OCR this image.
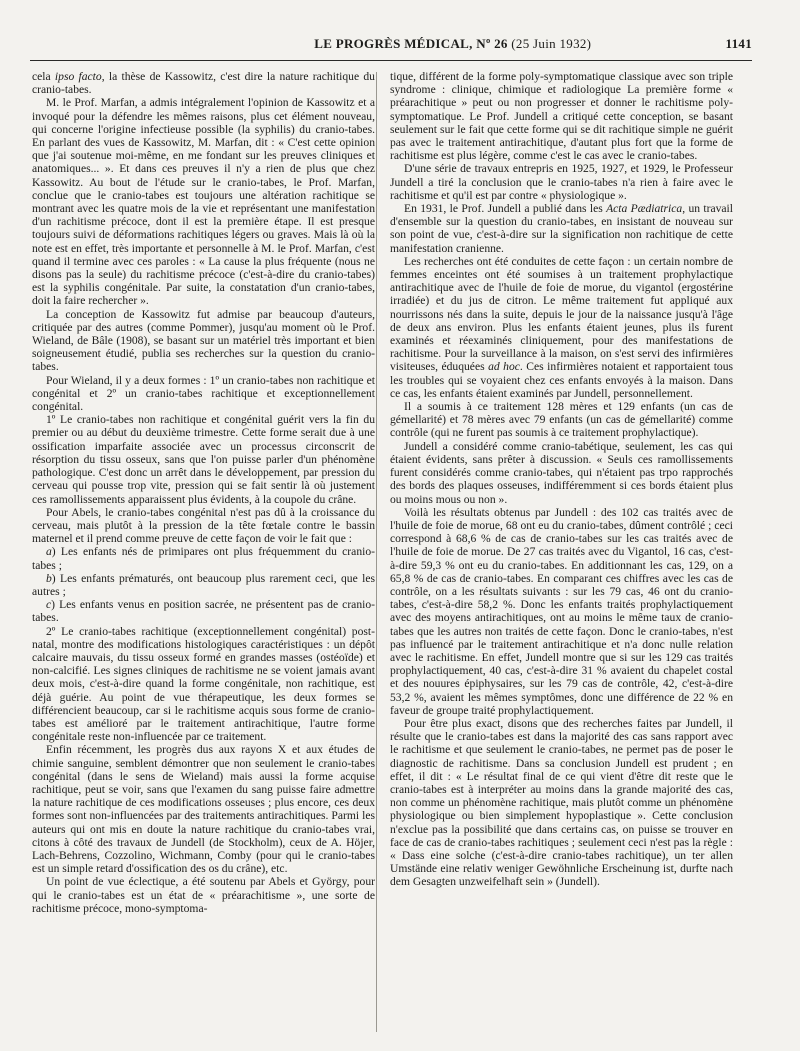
LE PROGRÈS MÉDICAL, Nº 26 (25 Juin 1932)	1141

cela ipso facto, la thèse de Kassowitz, c'est dire la nature rachitique du cranio-tabes.

M. le Prof. Marfan, a admis intégralement l'opinion de Kassowitz et a invoqué pour la défendre les mêmes raisons, plus cet élément nouveau, qui concerne l'origine infectieuse possible (la syphilis) du cranio-tabes. En parlant des vues de Kassowitz, M. Marfan, dit : « C'est cette opinion que j'ai soutenue moi-même, en me fondant sur les preuves cliniques et anatomiques... ». Et dans ces preuves il n'y a rien de plus que chez Kassowitz. Au bout de l'étude sur le cranio-tabes, le Prof. Marfan, conclue que le cranio-tabes est toujours une altération rachitique se montrant avec les quatre mois de la vie et représentant une manifestation d'un rachitisme précoce, dont il est la première étape. Il est presque toujours suivi de déformations rachitiques légers ou graves. Mais là où la note est en effet, très importante et personnelle à M. le Prof. Marfan, c'est quand il termine avec ces paroles : « La cause la plus fréquente (nous ne disons pas la seule) du rachitisme précoce (c'est-à-dire du cranio-tabes) est la syphilis congénitale. Par suite, la constatation d'un cranio-tabes, doit la faire rechercher ».

La conception de Kassowitz fut admise par beaucoup d'auteurs, critiquée par des autres (comme Pommer), jusqu'au moment où le Prof. Wieland, de Bâle (1908), se basant sur un matériel très important et bien soigneusement étudié, publia ses recherches sur la question du cranio-tabes.

Pour Wieland, il y a deux formes : 1º un cranio-tabes non rachitique et congénital et 2º un cranio-tabes rachitique et exceptionnellement congénital.

1º Le cranio-tabes non rachitique et congénital guérit vers la fin du premier ou au début du deuxième trimestre. Cette forme serait due à une ossification imparfaite associée avec un processus circonscrit de résorption du tissu osseux, sans que l'on puisse parler d'un phénomène pathologique. C'est donc un arrêt dans le développement, par pression du cerveau qui pousse trop vite, pression qui se fait sentir là où justement ces ramollissements apparaissent plus évidents, à la coupole du crâne.

Pour Abels, le cranio-tabes congénital n'est pas dû à la croissance du cerveau, mais plutôt à la pression de la tête fœtale contre le bassin maternel et il prend comme preuve de cette façon de voir le fait que :

a) Les enfants nés de primipares ont plus fréquemment du cranio-tabes ;

b) Les enfants prématurés, ont beaucoup plus rarement ceci, que les autres ;

c) Les enfants venus en position sacrée, ne présentent pas de cranio-tabes.

2º Le cranio-tabes rachitique (exceptionnellement congénital) post-natal, montre des modifications histologiques caractéristiques : un dépôt calcaire mauvais, du tissu osseux formé en grandes masses (ostéoïde) et non-calcifié. Les signes cliniques de rachitisme ne se voient jamais avant deux mois, c'est-à-dire quand la forme congénitale, non rachitique, est déjà guérie. Au point de vue thérapeutique, les deux formes se différencient beaucoup, car si le rachitisme acquis sous forme de cranio-tabes est amélioré par le traitement antirachitique, l'autre forme congénitale reste non-influencée par ce traitement.

Enfin récemment, les progrès dus aux rayons X et aux études de chimie sanguine, semblent démontrer que non seulement le cranio-tabes congénital (dans le sens de Wieland) mais aussi la forme acquise rachitique, peut se voir, sans que l'examen du sang puisse faire admettre la nature rachitique de ces modifications osseuses ; plus encore, ces deux formes sont non-influencées par des traitements antirachitiques. Parmi les auteurs qui ont mis en doute la nature rachitique du cranio-tabes vrai, citons à côté des travaux de Jundell (de Stockholm), ceux de A. Höjer, Lach-Behrens, Cozzolino, Wichmann, Comby (pour qui le cranio-tabes est un simple retard d'ossification des os du crâne), etc.

Un point de vue éclectique, a été soutenu par Abels et György, pour qui le cranio-tabes est un état de « préarachitisme », une sorte de rachitisme précoce, mono-symptoma-

tique, différent de la forme poly-symptomatique classique avec son triple syndrome : clinique, chimique et radiologique La première forme « préarachitique » peut ou non progresser et donner le rachitisme poly-symptomatique. Le Prof. Jundell a critiqué cette conception, se basant seulement sur le fait que cette forme qui se dit rachitique simple ne guérit pas avec le traitement antirachitique, d'autant plus fort que la forme de rachitisme est plus légère, comme c'est le cas avec le cranio-tabes.

D'une série de travaux entrepris en 1925, 1927, et 1929, le Professeur Jundell a tiré la conclusion que le cranio-tabes n'a rien à faire avec le rachitisme et qu'il est par contre « physiologique ».

En 1931, le Prof. Jundell a publié dans les Acta Pædiatrica, un travail d'ensemble sur la question du cranio-tabes, en insistant de nouveau sur son point de vue, c'est-à-dire sur la signification non rachitique de cette manifestation cranienne.

Les recherches ont été conduites de cette façon : un certain nombre de femmes enceintes ont été soumises à un traitement prophylactique antirachitique avec de l'huile de foie de morue, du vigantol (ergostérine irradiée) et du jus de citron. Le même traitement fut appliqué aux nourrissons nés dans la suite, depuis le jour de la naissance jusqu'à l'âge de deux ans environ. Plus les enfants étaient jeunes, plus ils furent examinés et réexaminés cliniquement, pour des manifestations de rachitisme. Pour la surveillance à la maison, on s'est servi des infirmières visiteuses, éduquées ad hoc. Ces infirmières notaient et rapportaient tous les troubles qui se voyaient chez ces enfants envoyés à la maison. Dans ce cas, les enfants étaient examinés par Jundell, personnellement.

Il a soumis à ce traitement 128 mères et 129 enfants (un cas de gémellarité) et 78 mères avec 79 enfants (un cas de gémellarité) comme contrôle (qui ne furent pas soumis à ce traitement prophylactique).

Jundell a considéré comme cranio-tabétique, seulement, les cas qui étaient évidents, sans prêter à discussion. « Seuls ces ramollissements furent considérés comme cranio-tabes, qui n'étaient pas trpo rapprochés des bords des plaques osseuses, indifféremment si ces bords étaient plus ou moins mous ou non ».

Voilà les résultats obtenus par Jundell : des 102 cas traités avec de l'huile de foie de morue, 68 ont eu du cranio-tabes, dûment contrôlé ; ceci correspond à 68,6 % de cas de cranio-tabes sur les cas traités avec de l'huile de foie de morue. De 27 cas traités avec du Vigantol, 16 cas, c'est-à-dire 59,3 % ont eu du cranio-tabes. En additionnant les cas, 129, on a 65,8 % de cas de cranio-tabes. En comparant ces chiffres avec les cas de contrôle, on a les résultats suivants : sur les 79 cas, 46 ont du cranio-tabes, c'est-à-dire 58,2 %. Donc les enfants traités prophylactiquement avec des moyens antirachitiques, ont au moins le même taux de cranio-tabes que les autres non traités de cette façon. Donc le cranio-tabes, n'est pas influencé par le traitement antirachitique et n'a donc nulle relation avec le rachitisme. En effet, Jundell montre que si sur les 129 cas traités prophylactiquement, 40 cas, c'est-à-dire 31 % avaient du chapelet costal et des nouures épiphysaires, sur les 79 cas de contrôle, 42, c'est-à-dire 53,2 %, avaient les mêmes symptômes, donc une différence de 22 % en faveur de groupe traité prophylactiquement.

Pour être plus exact, disons que des recherches faites par Jundell, il résulte que le cranio-tabes est dans la majorité des cas sans rapport avec le rachitisme et que seulement le cranio-tabes, ne permet pas de poser le diagnostic de rachitisme. Dans sa conclusion Jundell est prudent ; en effet, il dit : « Le résultat final de ce qui vient d'être dit reste que le cranio-tabes est à interpréter au moins dans la grande majorité des cas, non comme un phénomène rachitique, mais plutôt comme un phénomène physiologique ou bien simplement hypoplastique ». Cette conclusion n'exclue pas la possibilité que dans certains cas, on puisse se trouver en face de cas de cranio-tabes rachitiques ; seulement ceci n'est pas la règle : « Dass eine solche (c'est-à-dire cranio-tabes rachitique), un ter allen Umstände eine relativ weniger Gewöhnliche Erscheinung ist, durfte nach dem Gesagten unzweifelhaft sein » (Jundell).
